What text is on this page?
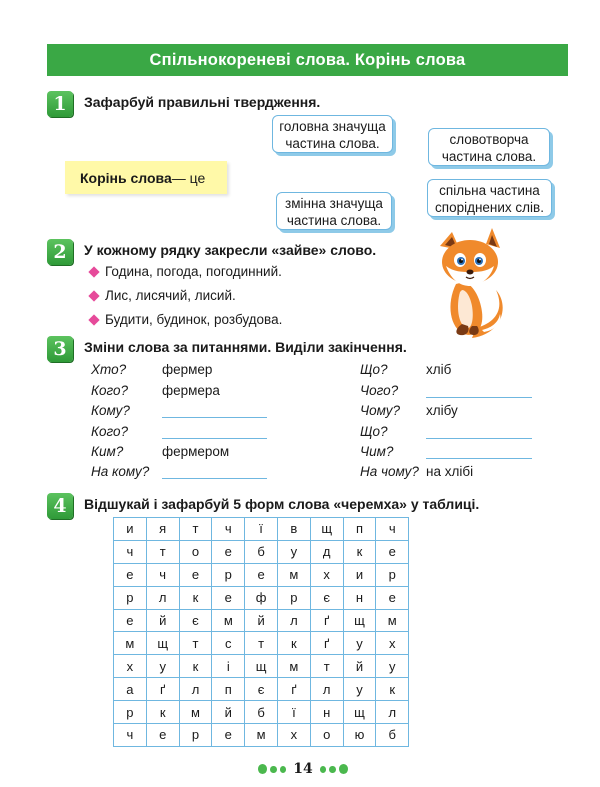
Спільнокореневі слова. Корінь слова
1	Зафарбуй правильні твердження.
Корінь слова — це
головна значуща
частина слова.	словотворча
частина слова.
змінна значуща
частина слова.
спільна частина
споріднених слів.
2	У кожному рядку закресли «зайве» слово.
Година, погода, погодинний.
Лис, лисячий, лисий.
Будити, будинок, розбудова.
3	Зміни слова за питаннями. Виділи закінчення.
Хто?	фермер
Кого?	фермера
Кому?
Кого?
Ким?	фермером
На кому?
Що?	хліб
Чого?
Чому? хлібу
Що?
Чим?
На чому? на хлібі
4	Відшукай і зафарбуй 5 форм слова «черемха» у таблиці.
и	я	т	ч	ї	в	щ	п	ч
ч	т	о	е	б	у	д	к	е
е	ч	е	р	е	м	х	и	р
р	л	к	е	ф	р	є	н	е
е	й	є	м	й	л	ґ	щ	м
м	щ	т	с	т	к	ґ	у	х
х	у	к	і	щ	м	т	й	у
а	ґ	л	п	є	ґ	л	у	к
р	к	м	й	б	ї	н	щ	л
ч	е	р	е	м	х	о	ю	б
14
